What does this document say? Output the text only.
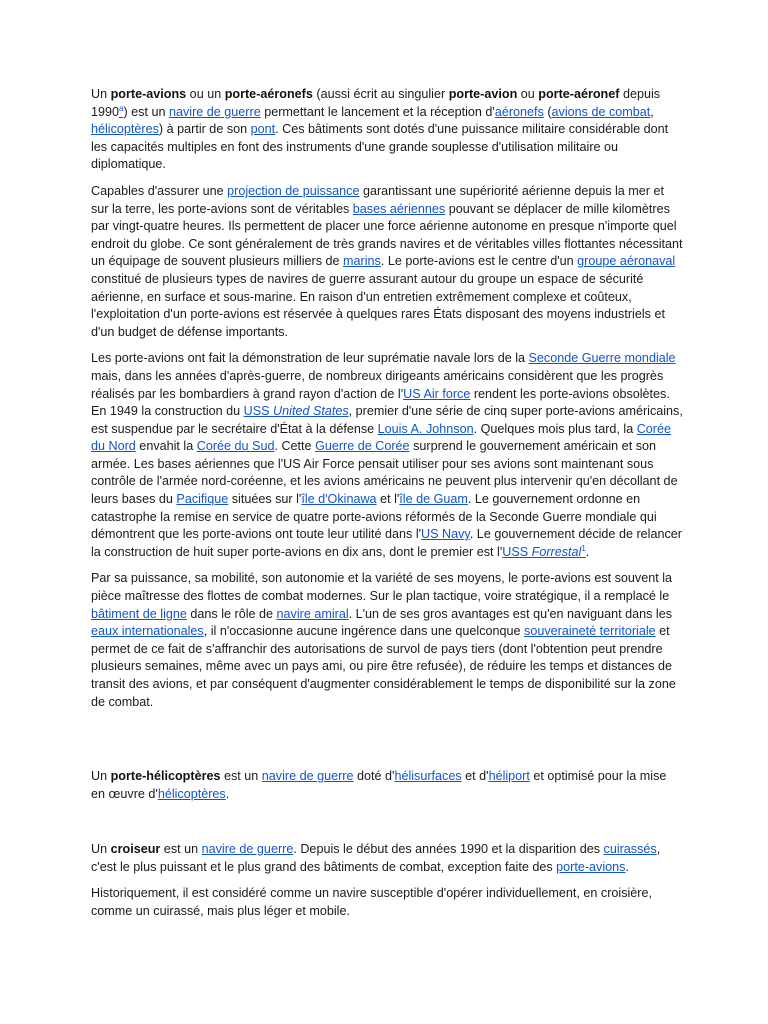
Un porte-avions ou un porte-aéronefs (aussi écrit au singulier porte-avion ou porte-aéronef depuis 1990$^a$) est un navire de guerre permettant le lancement et la réception d'aéronefs (avions de combat, hélicoptères) à partir de son pont. Ces bâtiments sont dotés d'une puissance militaire considérable dont les capacités multiples en font des instruments d'une grande souplesse d'utilisation militaire ou diplomatique.

Capables d'assurer une projection de puissance garantissant une supériorité aérienne depuis la mer et sur la terre, les porte-avions sont de véritables bases aériennes pouvant se déplacer de mille kilomètres par vingt-quatre heures. Ils permettent de placer une force aérienne autonome en presque n'importe quel endroit du globe. Ce sont généralement de très grands navires et de véritables villes flottantes nécessitant un équipage de souvent plusieurs milliers de marins. Le porte-avions est le centre d'un groupe aéronaval constitué de plusieurs types de navires de guerre assurant autour du groupe un espace de sécurité aérienne, en surface et sous-marine. En raison d'un entretien extrêmement complexe et coûteux, l'exploitation d'un porte-avions est réservée à quelques rares États disposant des moyens industriels et d'un budget de défense importants.

Les porte-avions ont fait la démonstration de leur suprématie navale lors de la Seconde Guerre mondiale mais, dans les années d'après-guerre, de nombreux dirigeants américains considèrent que les progrès réalisés par les bombardiers à grand rayon d'action de l'US Air force rendent les porte-avions obsolètes. En 1949 la construction du USS United States, premier d'une série de cinq super porte-avions américains, est suspendue par le secrétaire d'État à la défense Louis A. Johnson. Quelques mois plus tard, la Corée du Nord envahit la Corée du Sud. Cette Guerre de Corée surprend le gouvernement américain et son armée. Les bases aériennes que l'US Air Force pensait utiliser pour ses avions sont maintenant sous contrôle de l'armée nord-coréenne, et les avions américains ne peuvent plus intervenir qu'en décollant de leurs bases du Pacifique situées sur l'île d'Okinawa et l'île de Guam. Le gouvernement ordonne en catastrophe la remise en service de quatre porte-avions réformés de la Seconde Guerre mondiale qui démontrent que les porte-avions ont toute leur utilité dans l'US Navy. Le gouvernement décide de relancer la construction de huit super porte-avions en dix ans, dont le premier est l'USS Forrestal$^1$.

Par sa puissance, sa mobilité, son autonomie et la variété de ses moyens, le porte-avions est souvent la pièce maîtresse des flottes de combat modernes. Sur le plan tactique, voire stratégique, il a remplacé le bâtiment de ligne dans le rôle de navire amiral. L'un de ses gros avantages est qu'en naviguant dans les eaux internationales, il n'occasionne aucune ingérence dans une quelconque souveraineté territoriale et permet de ce fait de s'affranchir des autorisations de survol de pays tiers (dont l'obtention peut prendre plusieurs semaines, même avec un pays ami, ou pire être refusée), de réduire les temps et distances de transit des avions, et par conséquent d'augmenter considérablement le temps de disponibilité sur la zone de combat.

Un porte-hélicoptères est un navire de guerre doté d'hélisurfaces et d'héliport et optimisé pour la mise en œuvre d'hélicoptères.

Un croiseur est un navire de guerre. Depuis le début des années 1990 et la disparition des cuirassés, c'est le plus puissant et le plus grand des bâtiments de combat, exception faite des porte-avions.

Historiquement, il est considéré comme un navire susceptible d'opérer individuellement, en croisière, comme un cuirassé, mais plus léger et mobile.
